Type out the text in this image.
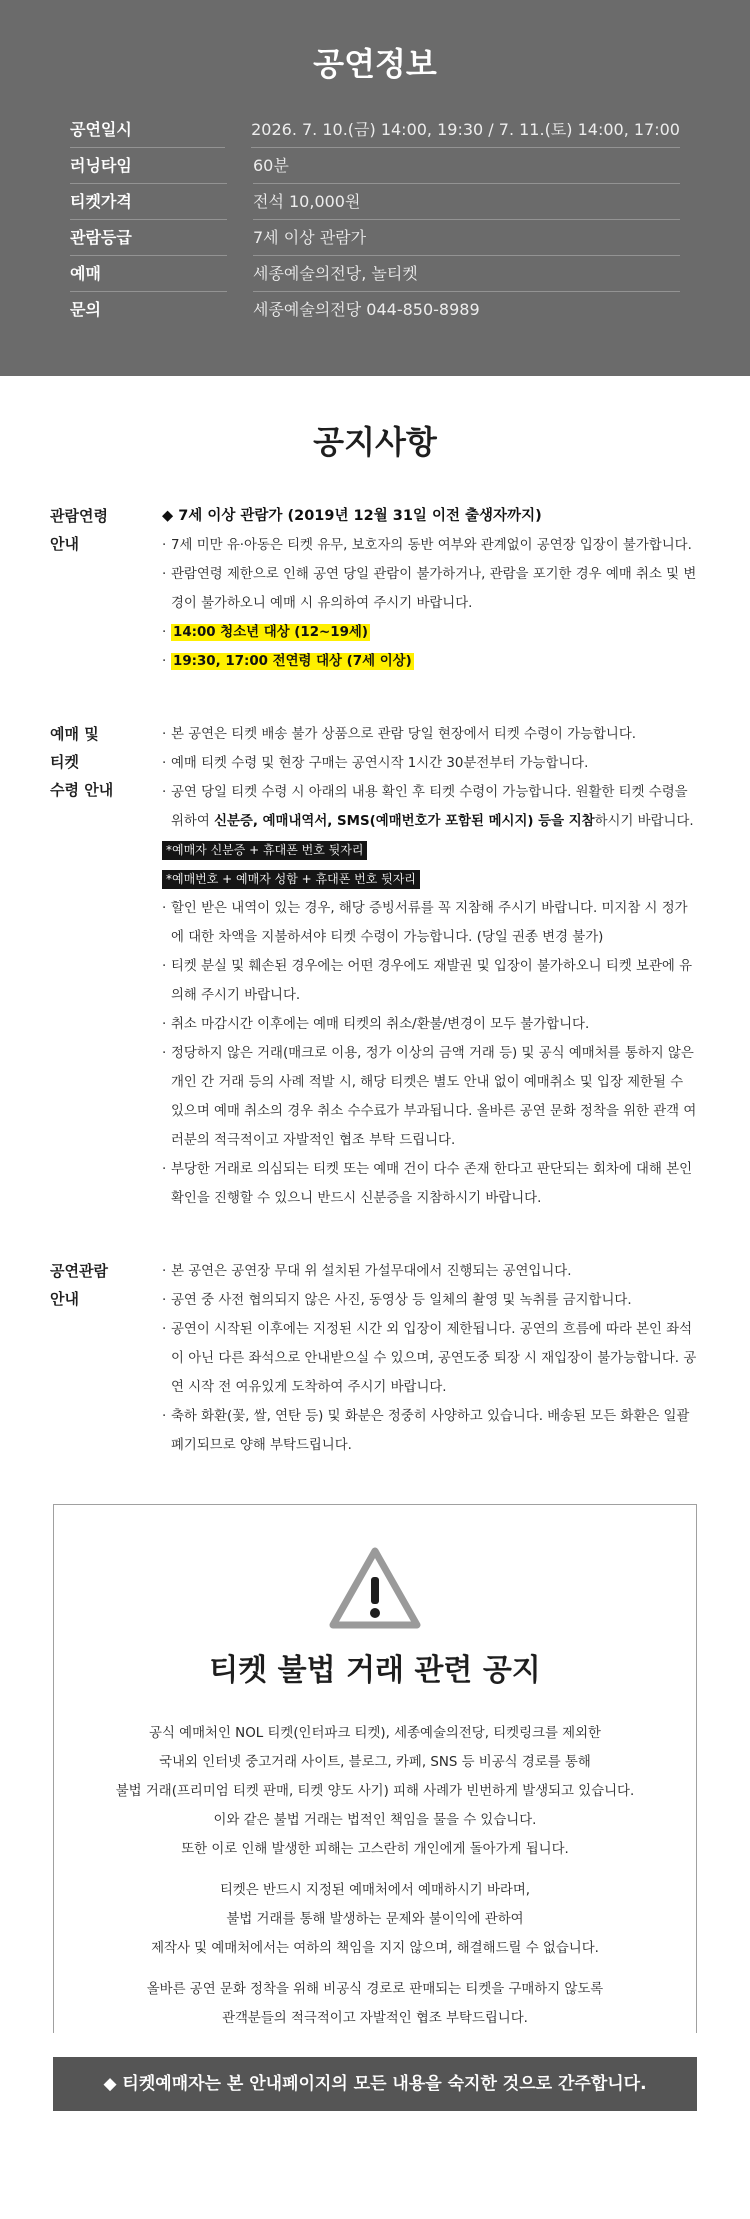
공연정보
공연일시	2026. 7. 10.(금) 14:00, 19:30 / 7. 11.(토) 14:00, 17:00
러닝타임	60분
티켓가격	전석 10,000원
관람등급	7세 이상 관람가
예매	세종예술의전당, 놀티켓
문의	세종예술의전당 044-850-8989
공지사항
관람연령
안내

◆ 7세 이상 관람가 (2019년 12월 31일 이전 출생자까지)

· 7세 미만 유·아동은 티켓 유무, 보호자의 동반 여부와 관계없이 공연장 입장이 불가합니다.

· 관람연령 제한으로 인해 공연 당일 관람이 불가하거나, 관람을 포기한 경우 예매 취소 및 변경이 불가하오니 예매 시 유의하여 주시기 바랍니다.

· 14:00 청소년 대상 (12~19세)

· 19:30, 17:00 전연령 대상 (7세 이상)

예매 및
티켓
수령 안내

· 본 공연은 티켓 배송 불가 상품으로 관람 당일 현장에서 티켓 수령이 가능합니다.

· 예매 티켓 수령 및 현장 구매는 공연시작 1시간 30분전부터 가능합니다.

· 공연 당일 티켓 수령 시 아래의 내용 확인 후 티켓 수령이 가능합니다. 원활한 티켓 수령을 위하여 신분증, 예매내역서, SMS(예매번호가 포함된 메시지) 등을 지참하시기 바랍니다.

*예매자 신분증 + 휴대폰 번호 뒷자리
*예매번호 + 예매자 성함 + 휴대폰 번호 뒷자리

· 할인 받은 내역이 있는 경우, 해당 증빙서류를 꼭 지참해 주시기 바랍니다. 미지참 시 정가에 대한 차액을 지불하셔야 티켓 수령이 가능합니다. (당일 권종 변경 불가)

· 티켓 분실 및 훼손된 경우에는 어떤 경우에도 재발권 및 입장이 불가하오니 티켓 보관에 유의해 주시기 바랍니다.

· 취소 마감시간 이후에는 예매 티켓의 취소/환불/변경이 모두 불가합니다.

· 정당하지 않은 거래(매크로 이용, 정가 이상의 금액 거래 등) 및 공식 예매처를 통하지 않은 개인 간 거래 등의 사례 적발 시, 해당 티켓은 별도 안내 없이 예매취소 및 입장 제한될 수 있으며 예매 취소의 경우 취소 수수료가 부과됩니다. 올바른 공연 문화 정착을 위한 관객 여러분의 적극적이고 자발적인 협조 부탁 드립니다.

· 부당한 거래로 의심되는 티켓 또는 예매 건이 다수 존재 한다고 판단되는 회차에 대해 본인 확인을 진행할 수 있으니 반드시 신분증을 지참하시기 바랍니다.

공연관람
안내

· 본 공연은 공연장 무대 위 설치된 가설무대에서 진행되는 공연입니다.

· 공연 중 사전 협의되지 않은 사진, 동영상 등 일체의 촬영 및 녹취를 금지합니다.

· 공연이 시작된 이후에는 지정된 시간 외 입장이 제한됩니다. 공연의 흐름에 따라 본인 좌석이 아닌 다른 좌석으로 안내받으실 수 있으며, 공연도중 퇴장 시 재입장이 불가능합니다. 공연 시작 전 여유있게 도착하여 주시기 바랍니다.

· 축하 화환(꽃, 쌀, 연탄 등) 및 화분은 정중히 사양하고 있습니다. 배송된 모든 화환은 일괄 폐기되므로 양해 부탁드립니다.

티켓 불법 거래 관련 공지
공식 예매처인 NOL 티켓(인터파크 티켓), 세종예술의전당, 티켓링크를 제외한
국내외 인터넷 중고거래 사이트, 블로그, 카페, SNS 등 비공식 경로를 통해
불법 거래(프리미엄 티켓 판매, 티켓 양도 사기) 피해 사례가 빈번하게 발생되고 있습니다.
이와 같은 불법 거래는 법적인 책임을 물을 수 있습니다.
또한 이로 인해 발생한 피해는 고스란히 개인에게 돌아가게 됩니다.
티켓은 반드시 지정된 예매처에서 예매하시기 바라며,
불법 거래를 통해 발생하는 문제와 불이익에 관하여
제작사 및 예매처에서는 여하의 책임을 지지 않으며, 해결해드릴 수 없습니다.
올바른 공연 문화 정착을 위해 비공식 경로로 판매되는 티켓을 구매하지 않도록
관객분들의 적극적이고 자발적인 협조 부탁드립니다.
◆ 티켓예매자는 본 안내페이지의 모든 내용을 숙지한 것으로 간주합니다.
